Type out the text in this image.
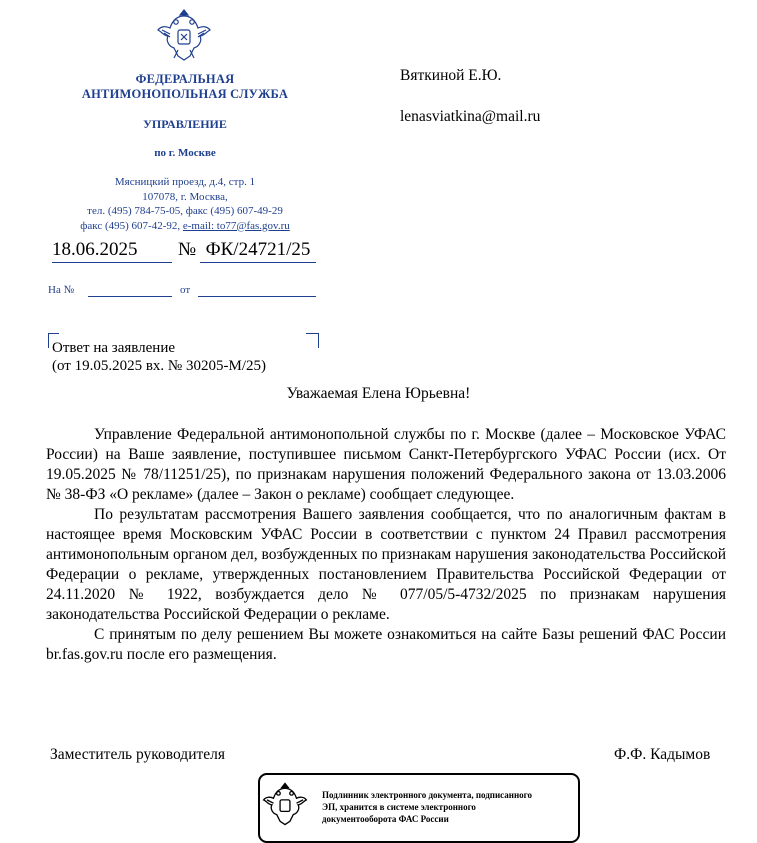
ФЕДЕРАЛЬНАЯ
АНТИМОНОПОЛЬНАЯ СЛУЖБА
УПРАВЛЕНИЕ
по г. Москве
Мясницкий проезд, д.4, стр. 1
107078, г. Москва,
тел. (495) 784-75-05, факс (495) 607-49-29
факс (495) 607-42-92, e-mail: to77@fas.gov.ru
18.06.2025	№ ФК/24721/25
На №	от
Ответ на заявление
(от 19.05.2025 вх. № 30205-М/25)
Вяткиной Е.Ю.
lenasviatkina@mail.ru
Уважаемая Елена Юрьевна!

Управление Федеральной антимонопольной службы по г. Москве (далее – Московское УФАС России) на Ваше заявление, поступившее письмом Санкт-Петербургского УФАС России (исх. От 19.05.2025 № 78/11251/25), по признакам нарушения положений Федерального закона от 13.03.2006 № 38-ФЗ «О рекламе» (далее – Закон о рекламе) сообщает следующее.

По результатам рассмотрения Вашего заявления сообщается, что по аналогичным фактам в настоящее время Московским УФАС России в соответствии с пунктом 24 Правил рассмотрения антимонопольным органом дел, возбужденных по признакам нарушения законодательства Российской Федерации о рекламе, утвержденных постановлением Правительства Российской Федерации от 24.11.2020 № 1922, возбуждается дело № 077/05/5-4732/2025 по признакам нарушения законодательства Российской Федерации о рекламе.

С принятым по делу решением Вы можете ознакомиться на сайте Базы решений ФАС России br.fas.gov.ru после его размещения.

Заместитель руководителя	Ф.Ф. Кадымов
Подлинник электронного документа, подписанного
ЭП, хранится в системе электронного
документооборота ФАС России
